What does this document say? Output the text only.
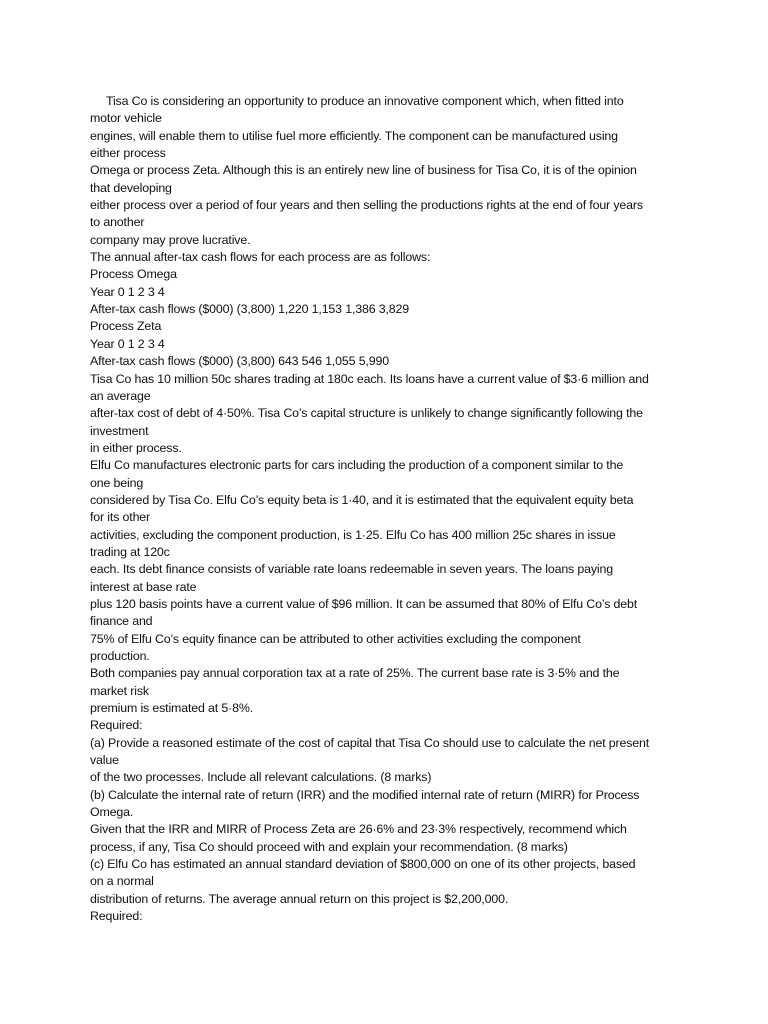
Tisa Co is considering an opportunity to produce an innovative component which, when fitted into
motor vehicle
engines, will enable them to utilise fuel more efficiently. The component can be manufactured using
either process
Omega or process Zeta. Although this is an entirely new line of business for Tisa Co, it is of the opinion
that developing
either process over a period of four years and then selling the productions rights at the end of four years
to another
company may prove lucrative.
The annual after-tax cash flows for each process are as follows:
Process Omega
Year 0 1 2 3 4
After-tax cash flows ($000) (3,800) 1,220 1,153 1,386 3,829
Process Zeta
Year 0 1 2 3 4
After-tax cash flows ($000) (3,800) 643 546 1,055 5,990
Tisa Co has 10 million 50c shares trading at 180c each. Its loans have a current value of $3·6 million and
an average
after-tax cost of debt of 4·50%. Tisa Co’s capital structure is unlikely to change significantly following the
investment
in either process.
Elfu Co manufactures electronic parts for cars including the production of a component similar to the
one being
considered by Tisa Co. Elfu Co’s equity beta is 1·40, and it is estimated that the equivalent equity beta
for its other
activities, excluding the component production, is 1·25. Elfu Co has 400 million 25c shares in issue
trading at 120c
each. Its debt finance consists of variable rate loans redeemable in seven years. The loans paying
interest at base rate
plus 120 basis points have a current value of $96 million. It can be assumed that 80% of Elfu Co’s debt
finance and
75% of Elfu Co’s equity finance can be attributed to other activities excluding the component
production.
Both companies pay annual corporation tax at a rate of 25%. The current base rate is 3·5% and the
market risk
premium is estimated at 5·8%.
Required:
(a) Provide a reasoned estimate of the cost of capital that Tisa Co should use to calculate the net present
value
of the two processes. Include all relevant calculations. (8 marks)
(b) Calculate the internal rate of return (IRR) and the modified internal rate of return (MIRR) for Process
Omega.
Given that the IRR and MIRR of Process Zeta are 26·6% and 23·3% respectively, recommend which
process, if any, Tisa Co should proceed with and explain your recommendation. (8 marks)
(c) Elfu Co has estimated an annual standard deviation of $800,000 on one of its other projects, based
on a normal
distribution of returns. The average annual return on this project is $2,200,000.
Required:
